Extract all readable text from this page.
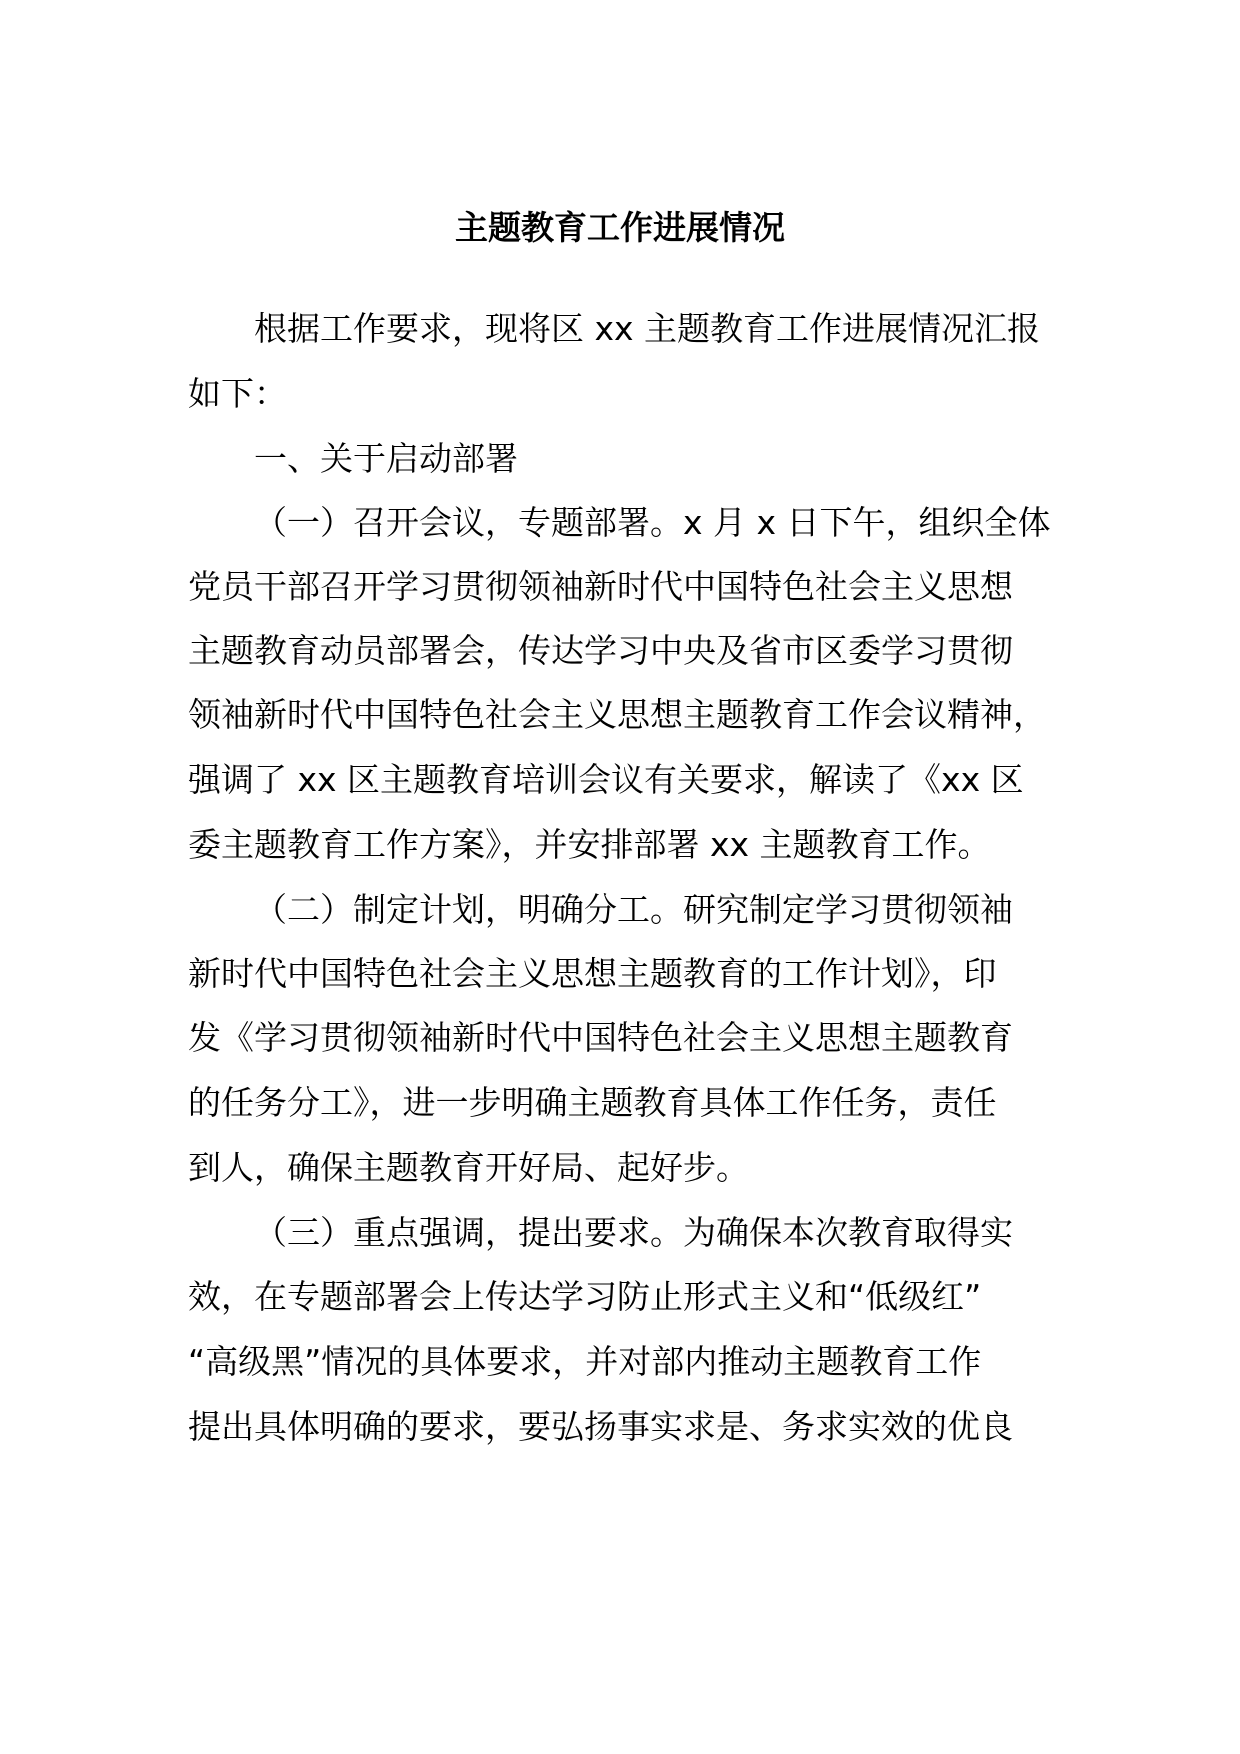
主题教育工作进展情况
根据工作要求，现将区 xx 主题教育工作进展情况汇报
如下：
一、关于启动部署
（一）召开会议，专题部署。x 月 x 日下午，组织全体
党员干部召开学习贯彻领袖新时代中国特色社会主义思想
主题教育动员部署会，传达学习中央及省市区委学习贯彻
领袖新时代中国特色社会主义思想主题教育工作会议精神，
强调了 xx 区主题教育培训会议有关要求，解读了《xx 区
委主题教育工作方案》，并安排部署 xx 主题教育工作。
（二）制定计划，明确分工。研究制定学习贯彻领袖
新时代中国特色社会主义思想主题教育的工作计划》，印
发《学习贯彻领袖新时代中国特色社会主义思想主题教育
的任务分工》，进一步明确主题教育具体工作任务，责任
到人，确保主题教育开好局、起好步。
（三）重点强调，提出要求。为确保本次教育取得实
效，在专题部署会上传达学习防止形式主义和“低级红”
“高级黑”情况的具体要求，并对部内推动主题教育工作
提出具体明确的要求，要弘扬事实求是、务求实效的优良
